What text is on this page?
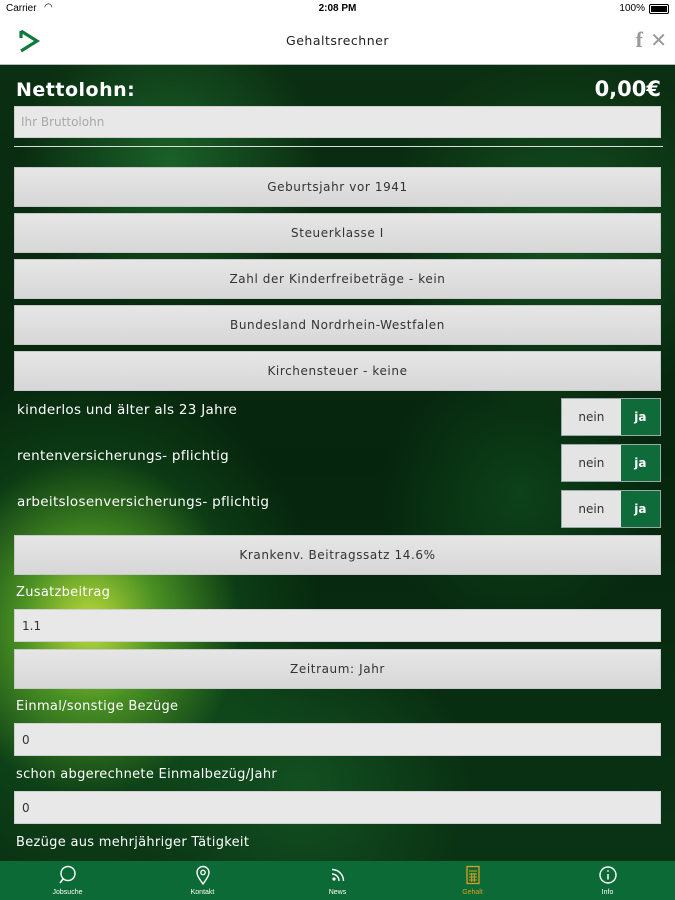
Carrier ◠	2:08 PM	100%
Gehaltsrechner	f ✕
Nettolohn:	0,00€
Ihr Bruttolohn
Geburtsjahr vor 1941
Steuerklasse I
Zahl der Kinderfreibeträge - kein
Bundesland Nordrhein-Westfalen
Kirchensteuer - keine
kinderlos und älter als 23 Jahre	nein	ja
rentenversicherungs- pflichtig	nein	ja
arbeitslosenversicherungs- pflichtig	nein	ja
Krankenv. Beitragssatz 14.6%
Zusatzbeitrag
1.1
Zeitraum: Jahr
Einmal/sonstige Bezüge
0
schon abgerechnete Einmalbezüg/Jahr
0
Bezüge aus mehrjähriger Tätigkeit
Jobsuche	Kontakt	News	Gehalt	Info
